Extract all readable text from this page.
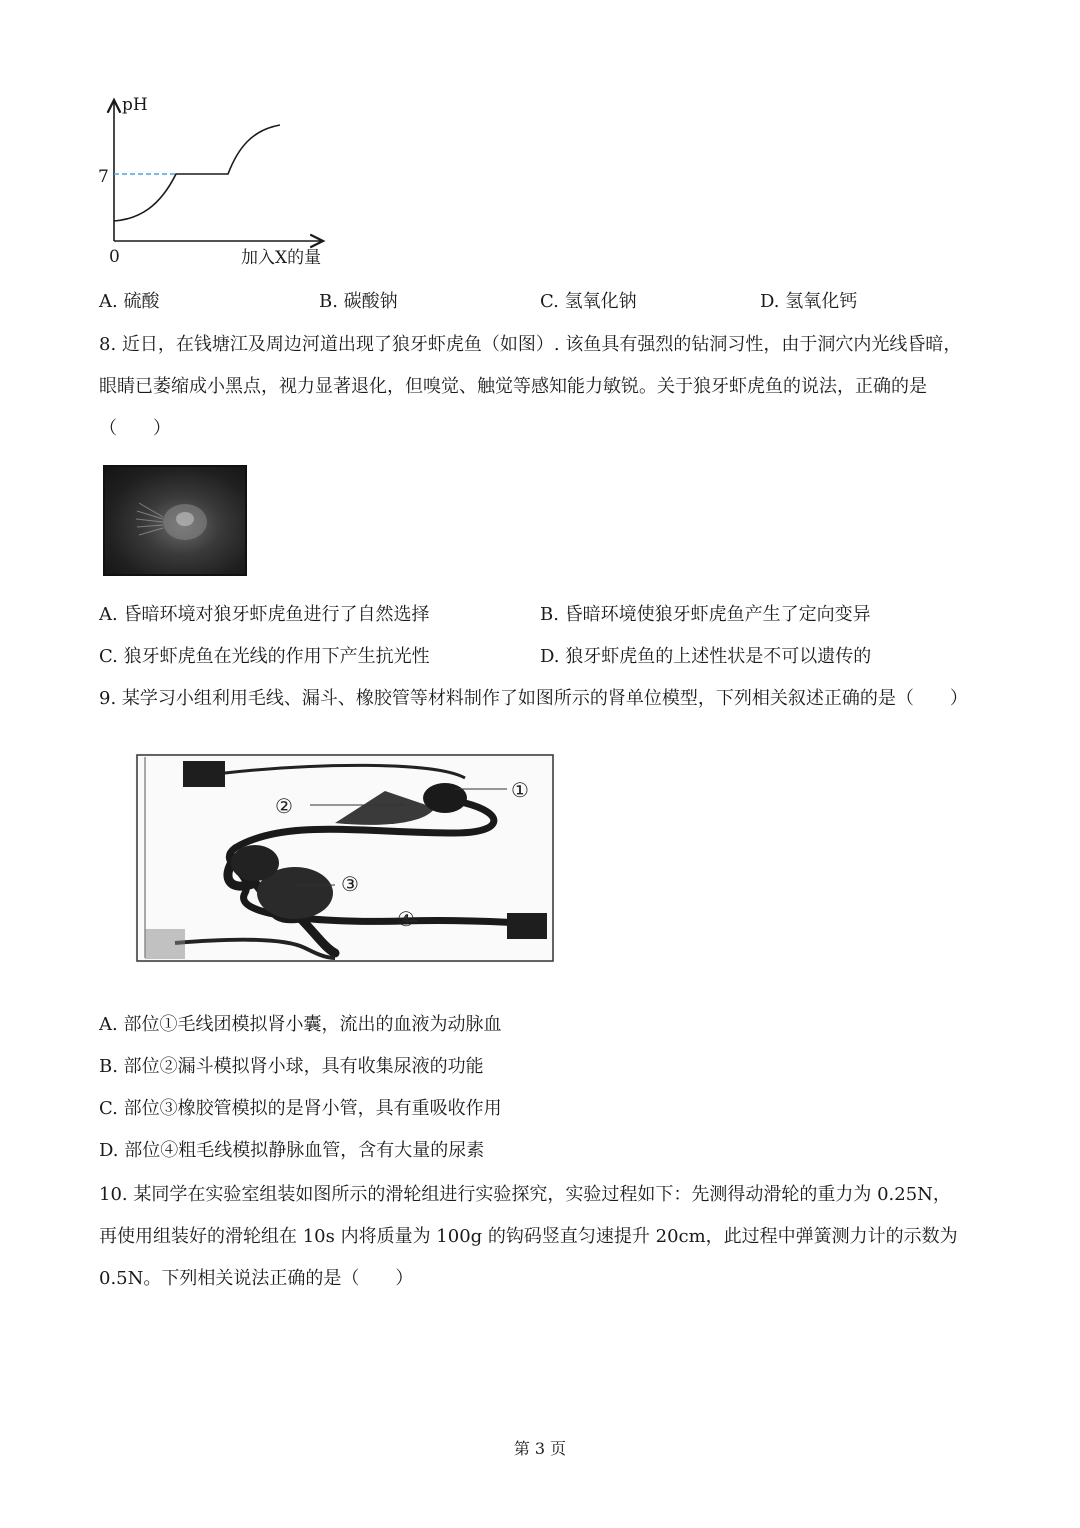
pH
7
0	加入X的量
A. 硫酸	B. 碳酸钠	C. 氢氧化钠	D. 氢氧化钙
8. 近日，在钱塘江及周边河道出现了狼牙虾虎鱼（如图）. 该鱼具有强烈的钻洞习性，由于洞穴内光线昏暗，
眼睛已萎缩成小黑点，视力显著退化，但嗅觉、触觉等感知能力敏锐。关于狼牙虾虎鱼的说法，正确的是
（　　）
A. 昏暗环境对狼牙虾虎鱼进行了自然选择	B. 昏暗环境使狼牙虾虎鱼产生了定向变异
C. 狼牙虾虎鱼在光线的作用下产生抗光性	D. 狼牙虾虎鱼的上述性状是不可以遗传的
9. 某学习小组利用毛线、漏斗、橡胶管等材料制作了如图所示的肾单位模型，下列相关叙述正确的是（　　）
①
②
③
④
A. 部位①毛线团模拟肾小囊，流出的血液为动脉血
B. 部位②漏斗模拟肾小球，具有收集尿液的功能
C. 部位③橡胶管模拟的是肾小管，具有重吸收作用
D. 部位④粗毛线模拟静脉血管，含有大量的尿素
10. 某同学在实验室组装如图所示的滑轮组进行实验探究，实验过程如下：先测得动滑轮的重力为 0.25N，
再使用组装好的滑轮组在 10s 内将质量为 100g 的钩码竖直匀速提升 20cm，此过程中弹簧测力计的示数为
0.5N。下列相关说法正确的是（　　）
第 3 页
